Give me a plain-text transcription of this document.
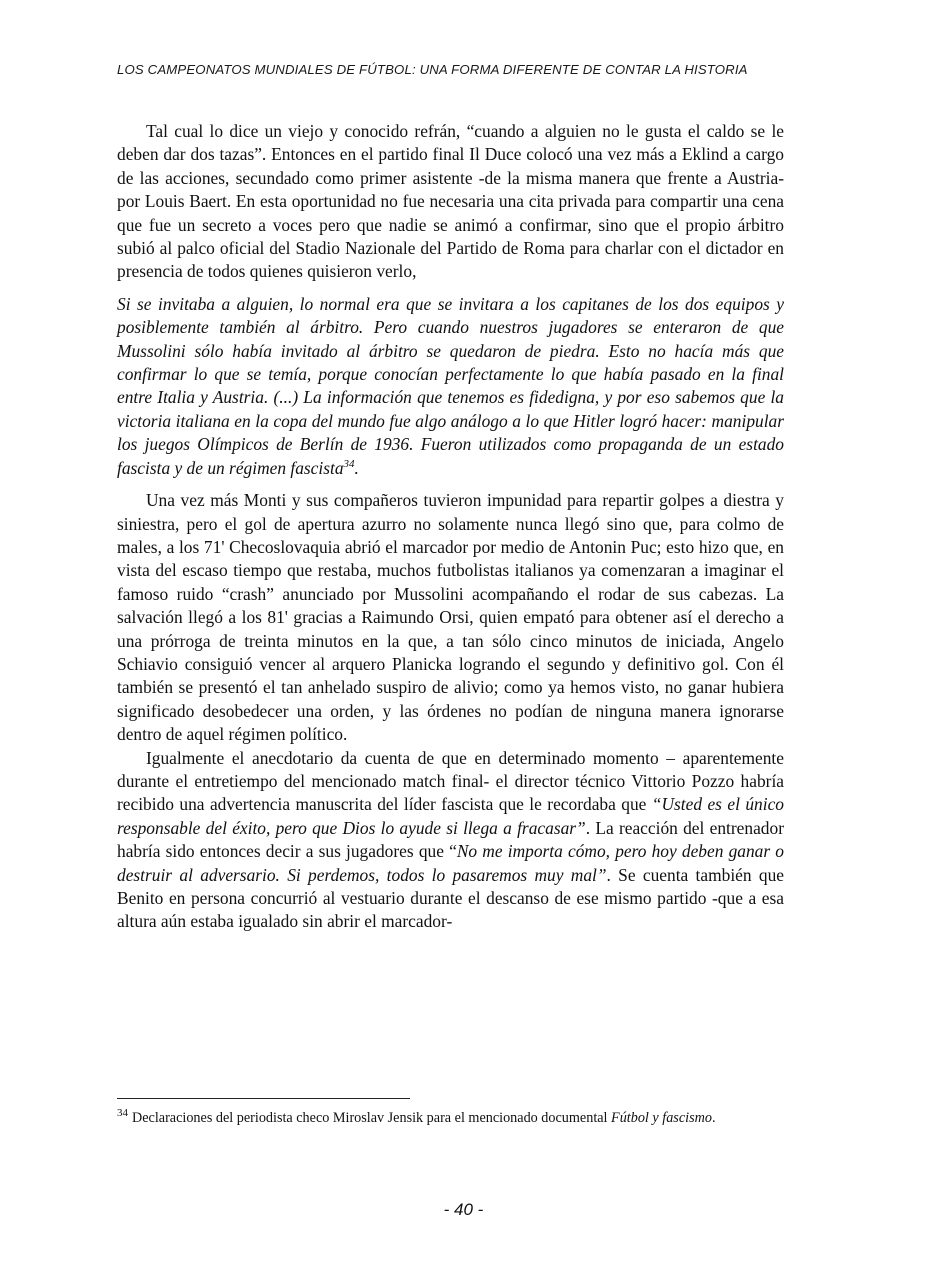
LOS CAMPEONATOS MUNDIALES DE FÚTBOL: UNA FORMA DIFERENTE DE CONTAR LA HISTORIA

Tal cual lo dice un viejo y conocido refrán, “cuando a alguien no le gusta el caldo se le deben dar dos tazas”. Entonces en el partido final Il Duce colocó una vez más a Eklind a cargo de las acciones, secundado como primer asistente -de la misma manera que frente a Austria- por Louis Baert. En esta oportunidad no fue necesaria una cita privada para compartir una cena que fue un secreto a voces pero que nadie se animó a confirmar, sino que el propio árbitro subió al palco oficial del Stadio Nazionale del Partido de Roma para charlar con el dictador en presencia de todos quienes quisieron verlo,

Si se invitaba a alguien, lo normal era que se invitara a los capitanes de los dos equipos y posiblemente también al árbitro. Pero cuando nuestros jugadores se enteraron de que Mussolini sólo había invitado al árbitro se quedaron de piedra. Esto no hacía más que confirmar lo que se temía, porque conocían perfectamente lo que había pasado en la final entre Italia y Austria. (...) La información que tenemos es fidedigna, y por eso sabemos que la victoria italiana en la copa del mundo fue algo análogo a lo que Hitler logró hacer: manipular los juegos Olímpicos de Berlín de 1936. Fueron utilizados como propaganda de un estado fascista y de un régimen fascista$^{34}$.

Una vez más Monti y sus compañeros tuvieron impunidad para repartir golpes a diestra y siniestra, pero el gol de apertura azurro no solamente nunca llegó sino que, para colmo de males, a los 71' Checoslovaquia abrió el marcador por medio de Antonin Puc; esto hizo que, en vista del escaso tiempo que restaba, muchos futbolistas italianos ya comenzaran a imaginar el famoso ruido “crash” anunciado por Mussolini acompañando el rodar de sus cabezas. La salvación llegó a los 81' gracias a Raimundo Orsi, quien empató para obtener así el derecho a una prórroga de treinta minutos en la que, a tan sólo cinco minutos de iniciada, Angelo Schiavio consiguió vencer al arquero Planicka logrando el segundo y definitivo gol. Con él también se presentó el tan anhelado suspiro de alivio; como ya hemos visto, no ganar hubiera significado desobedecer una orden, y las órdenes no podían de ninguna manera ignorarse dentro de aquel régimen político.

Igualmente el anecdotario da cuenta de que en determinado momento – aparentemente durante el entretiempo del mencionado match final- el director técnico Vittorio Pozzo habría recibido una advertencia manuscrita del líder fascista que le recordaba que “Usted es el único responsable del éxito, pero que Dios lo ayude si llega a fracasar”. La reacción del entrenador habría sido entonces decir a sus jugadores que “No me importa cómo, pero hoy deben ganar o destruir al adversario. Si perdemos, todos lo pasaremos muy mal”. Se cuenta también que Benito en persona concurrió al vestuario durante el descanso de ese mismo partido -que a esa altura aún estaba igualado sin abrir el marcador-

$^{34}$ Declaraciones del periodista checo Miroslav Jensik para el mencionado documental Fútbol y fascismo.
- 40 -
